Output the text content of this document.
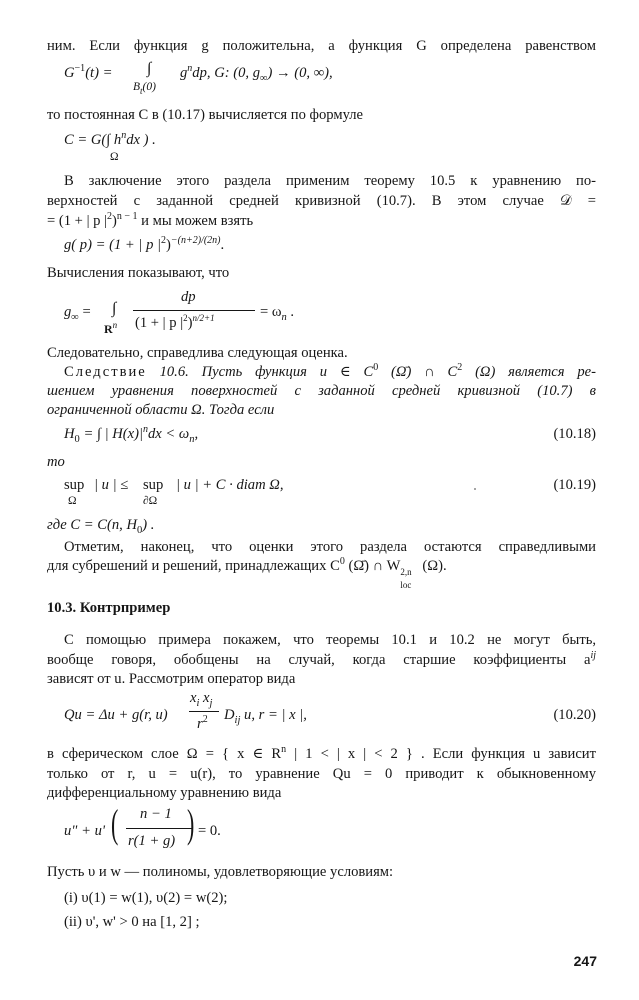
ним. Если функция g положительна, а функция G определена равенством
$G^{-1}(t)$ = ∫
$B_t(0)$
$g^ndp$, G: (0, $g_\infty) \to (0$, ∞),
то постоянная C в (10.17) вычисляется по формуле
C = G(∫ $h^ndx$ ) .
Ω
В заключение этого раздела применим теорему 10.5 к уравнению по-
верхностей с заданной средней кривизной (10.7). В этом случае 𝒟 =
= (1 + | p $|^2)^{n - 1}$ и мы можем взять
g( p) = (1 + | p $|^2)^{-(n+2)/(2n)}$.
Вычисления показывают, что
$g_\infty$ = ∫
$R^n$
dp
(1 + | p $|^2)^{n/2+1}$	= $\omega_n$ .
Следовательно, справедлива следующая оценка.
Следствие 10.6. Пусть функция u ∈ $C^0$ (Ω̄) ∩ $C^2$ (Ω) является ре-
шением уравнения поверхностей с заданной средней кривизной (10.7) в
ограниченной области Ω. Тогда если
$H_0$ = ∫ | $H(x)|^ndx < \omega_n$,	(10.18)
то
sup
Ω
| u | ≤ sup
∂Ω
| u | + C · diam Ω,	(10.19)
где C = C(n, $H_0$) .
Отметим, наконец, что оценки этого раздела остаются справедливыми
для субрешений и решений, принадлежащих $C^0$ (Ω̄) ∩ W 2,n
loc
(Ω).
10.3. Контрпример
С помощью примера покажем, что теоремы 10.1 и 10.2 не могут быть,
вообще говоря, обобщены на случай, когда старшие коэффициенты $a^{ij}$
зависят от u. Рассмотрим оператор вида
Qu = Δu + g(r, u)
$x_i$ $x_j$
$r^2$ $D_{ij}$ u, r = | x |,	(10.20)
в сферическом слое Ω = { x ∈ $R^n$ | 1 < | x | < 2 } . Если функция u зависит
только от r, u = u(r), то уравнение Qu = 0 приводит к обыкновенному
дифференциальному уравнению вида
u" + u' ( n − 1
r(1 + g) ) = 0.
Пусть υ и w — полиномы, удовлетворяющие условиям:
(i) υ(1) = w(1), υ(2) = w(2);
(ii) υ', w' > 0 на [1, 2] ;
247
